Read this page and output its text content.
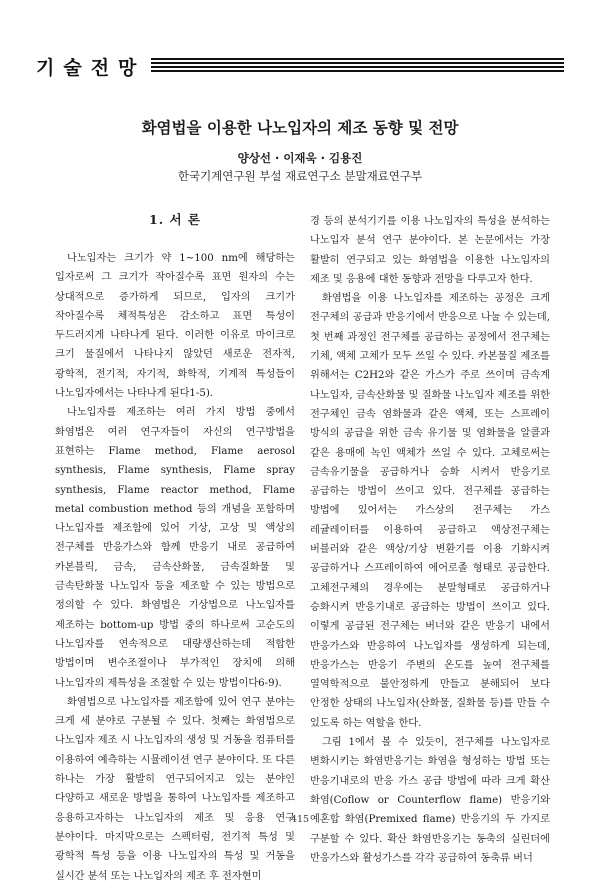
기술전망
화염법을 이용한 나노입자의 제조 동향 및 전망
양상선 · 이재욱 · 김용진
한국기계연구원 부설 재료연구소 분말재료연구부
1. 서 론

나노입자는 크기가 약 1~100 nm에 해당하는 입자로써 그 크기가 작아질수록 표면 원자의 수는 상대적으로 증가하게 되므로, 입자의 크기가 작아질수록 체적특성은 감소하고 표면 특성이 두드러지게 나타나게 된다. 이러한 이유로 마이크로 크기 물질에서 나타나지 않았던 새로운 전자적, 광학적, 전기적, 자기적, 화학적, 기계적 특성들이 나노입자에서는 나타나게 된다1-5).

나노입자를 제조하는 여러 가지 방법 중에서 화염법은 여러 연구자들이 자신의 연구방법을 표현하는 Flame method, Flame aerosol synthesis, Flame synthesis, Flame spray synthesis, Flame reactor method, Flame metal combustion method 등의 개념을 포함하며 나노입자를 제조함에 있어 기상, 고상 및 액상의 전구체를 반응가스와 함께 반응기 내로 공급하여 카본블릭, 금속, 금속산화물, 금속질화물 및 금속탄화물 나노입자 등을 제조할 수 있는 방법으로 정의할 수 있다. 화염법은 기상법으로 나노입자를 제조하는 bottom-up 방법 중의 하나로써 고순도의 나노입자를 연속적으로 대량생산하는데 적합한 방법이며 변수조절이나 부가적인 장치에 의해 나노입자의 제특성을 조절할 수 있는 방법이다6-9).

화염법으로 나노입자를 제조함에 있어 연구 분야는 크게 세 분야로 구분될 수 있다. 첫째는 화염법으로 나노입자 제조 시 나노입자의 생성 및 거동을 컴퓨터를 이용하여 예측하는 시뮬레이션 연구 분야이다. 또 다른 하나는 가장 활발히 연구되어지고 있는 분야인 다양하고 새로운 방법을 통하여 나노입자를 제조하고 응용하고자하는 나노입자의 제조 및 응용 연구 분야이다. 마지막으로는 스펙터럼, 전기적 특성 및 광학적 특성 등을 이용 나노입자의 특성 및 거동을 실시간 분석 또는 나노입자의 제조 후 전자현미

경 등의 분석기기를 이용 나노입자의 특성을 분석하는 나노입자 분석 연구 분야이다. 본 논문에서는 가장 활발히 연구되고 있는 화염법을 이용한 나노입자의 제조 및 응용에 대한 동향과 전망을 다루고자 한다.

화염법을 이용 나노입자를 제조하는 공정은 크게 전구체의 공급과 반응기에서 반응으로 나눌 수 있는데, 첫 번째 과정인 전구체를 공급하는 공정에서 전구체는 기체, 액체 고체가 모두 쓰일 수 있다. 카본물질 제조를 위해서는 C2H2와 같은 가스가 주로 쓰이며 금속계 나노입자, 금속산화물 및 질화물 나노입자 제조를 위한 전구체인 금속 염화물과 같은 액체, 또는 스프레이 방식의 공급을 위한 금속 유기물 및 염화물을 알콜과 같은 용매에 녹인 액체가 쓰일 수 있다. 고체로써는 금속유기물을 공급하거나 승화 시켜서 반응기로 공급하는 방법이 쓰이고 있다. 전구체를 공급하는 방법에 있어서는 가스상의 전구체는 가스 레귤레이터를 이용하여 공급하고 액상전구체는 버블러와 같은 액상/기상 변환기를 이용 기화시켜 공급하거나 스프레이하여 에어로졸 형태로 공급한다. 고체전구체의 경우에는 분말형태로 공급하거나 승화시켜 반응기내로 공급하는 방법이 쓰이고 있다. 이렇게 공급된 전구체는 버너와 같은 반응기 내에서 반응가스와 반응하여 나노입자를 생성하게 되는데, 반응가스는 반응기 주변의 온도를 높여 전구체를 열역학적으로 불안정하게 만들고 분해되어 보다 안정한 상태의 나노입자(산화물, 질화물 등)를 만들 수 있도록 하는 역할을 한다.

그림 1에서 볼 수 있듯이, 전구체를 나노입자로 변화시키는 화염반응기는 화염을 형성하는 방법 또는 반응기내로의 반응 가스 공급 방법에 따라 크게 확산 화염(Coflow or Counterflow flame) 반응기와 예혼합 화염(Premixed flame) 반응기의 두 가지로 구분할 수 있다. 확산 화염반응기는 동축의 실린더에 반응가스와 활성가스를 각각 공급하여 동축류 버너

415
